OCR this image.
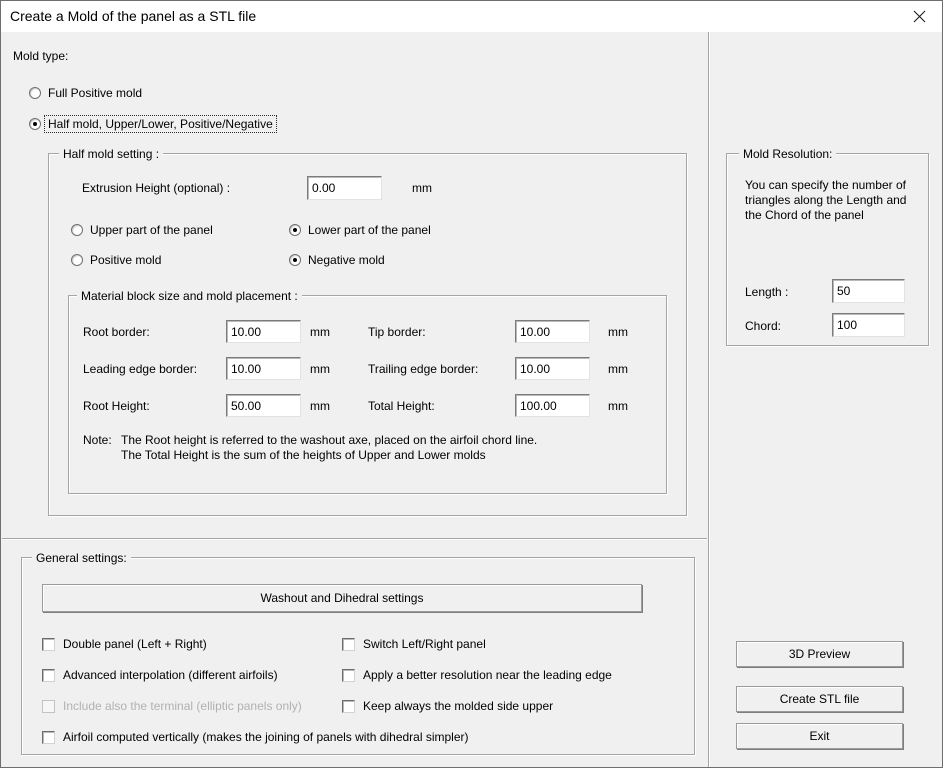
Create a Mold of the panel as a STL file
Mold type:
Full Positive mold
Half mold, Upper/Lower, Positive/Negative
Half mold setting :
Extrusion Height (optional) :
0.00	mm
Upper part of the panel	Lower part of the panel
Positive mold	Negative mold
Material block size and mold placement :
Root border:
10.00	mm	Tip border:
10.00	mm
Leading edge border:
10.00	mm	Trailing edge border:
10.00	mm
Root Height:
50.00	mm	Total Height:
100.00	mm
Note: The Root height is referred to the washout axe, placed on the airfoil chord line.
The Total Height is the sum of the heights of Upper and Lower molds
Mold Resolution:
You can specify the number of triangles along the Length and the Chord of the panel
Length :
50
Chord:
100
General settings:
Washout and Dihedral settings
Double panel (Left + Right)	Switch Left/Right panel
Advanced interpolation (different airfoils)	Apply a better resolution near the leading edge
Include also the terminal (elliptic panels only)	Keep always the molded side upper
Airfoil computed vertically (makes the joining of panels with dihedral simpler)
3D Preview
Create STL file
Exit
